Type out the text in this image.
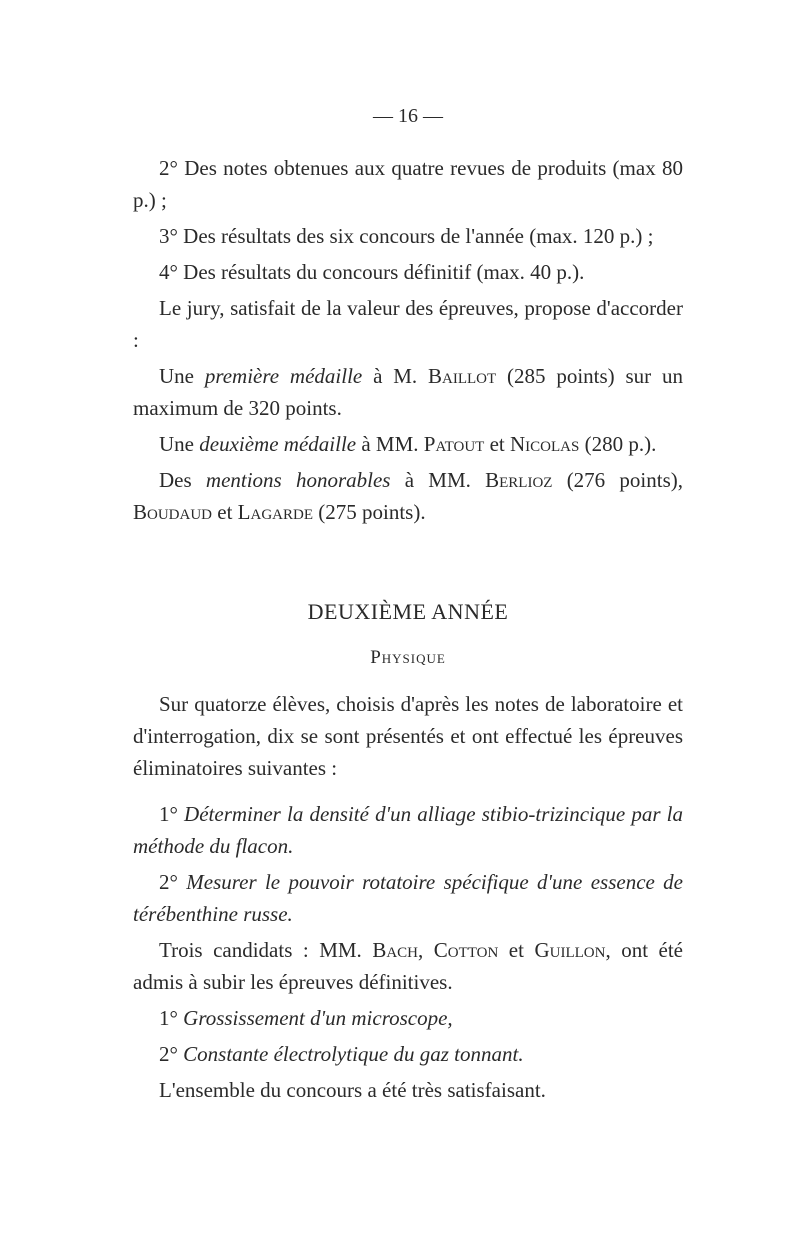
— 16 —

2° Des notes obtenues aux quatre revues de produits (max 80 p.) ;

3° Des résultats des six concours de l'année (max. 120 p.) ;

4° Des résultats du concours définitif (max. 40 p.).

Le jury, satisfait de la valeur des épreuves, propose d'accorder :

Une première médaille à M. Baillot (285 points) sur un maximum de 320 points.

Une deuxième médaille à MM. Patout et Nicolas (280 p.).

Des mentions honorables à MM. Berlioz (276 points), Boudaud et Lagarde (275 points).

DEUXIÈME ANNÉE
Physique

Sur quatorze élèves, choisis d'après les notes de laboratoire et d'interrogation, dix se sont présentés et ont effectué les épreuves éliminatoires suivantes :

1° Déterminer la densité d'un alliage stibio-trizincique par la méthode du flacon.

2° Mesurer le pouvoir rotatoire spécifique d'une essence de térébenthine russe.

Trois candidats : MM. Bach, Cotton et Guillon, ont été admis à subir les épreuves définitives.

1° Grossissement d'un microscope,

2° Constante électrolytique du gaz tonnant.

L'ensemble du concours a été très satisfaisant.
